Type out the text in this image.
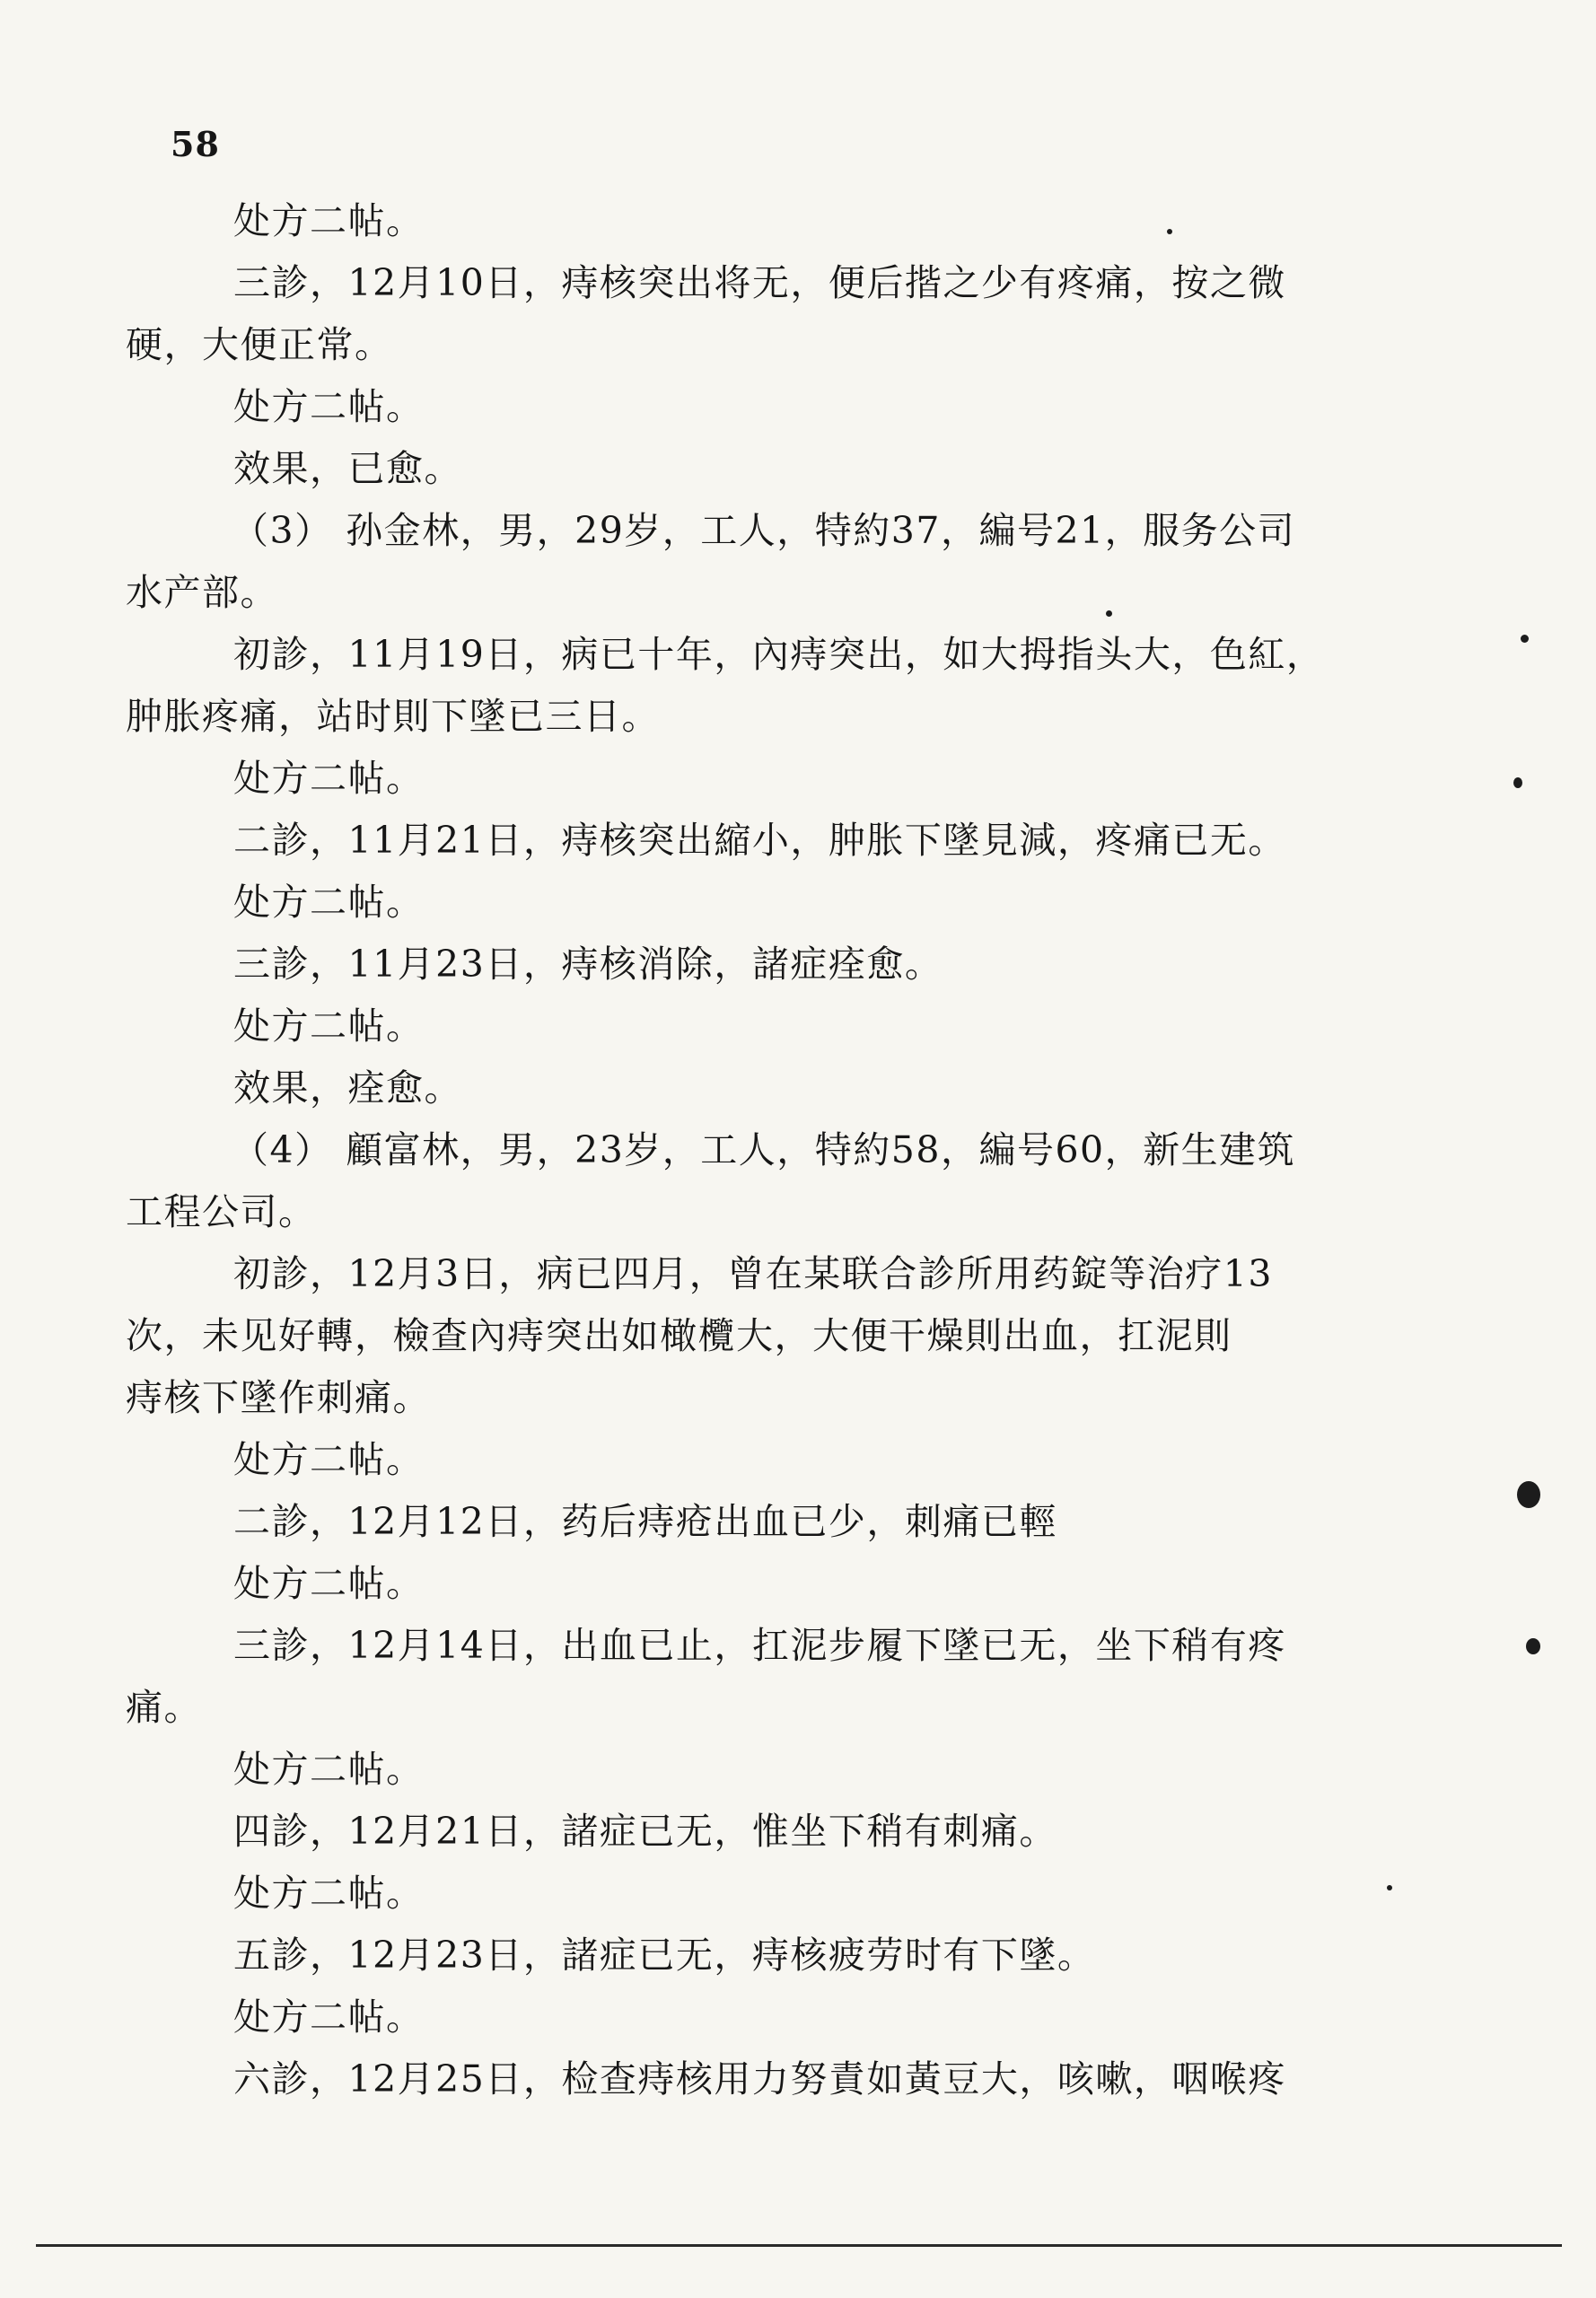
58
处方二帖。
三診，12月10日，痔核突出将无，便后揩之少有疼痛，按之微
硬，大便正常。
处方二帖。
效果，已愈。
（3） 孙金林，男，29岁，工人，特約37，編号21，服务公司
水产部。
初診，11月19日，病已十年，內痔突出，如大拇指头大，色紅，
肿胀疼痛，站时則下墜已三日。
处方二帖。
二診，11月21日，痔核突出縮小，肿胀下墜見減，疼痛已无。
处方二帖。
三診，11月23日，痔核消除，諸症痊愈。
处方二帖。
效果，痊愈。
（4） 顧富林，男，23岁，工人，特約58，編号60，新生建筑
工程公司。
初診，12月3日，病已四月，曾在某联合診所用药錠等治疗13
次，未见好轉，檢查內痔突出如橄欖大，大便干燥則出血，扛泥則
痔核下墜作刺痛。
处方二帖。
二診，12月12日，药后痔疮出血已少，刺痛已輕
处方二帖。
三診，12月14日，出血已止，扛泥步履下墜已无，坐下稍有疼
痛。
处方二帖。
四診，12月21日，諸症已无，惟坐下稍有刺痛。
处方二帖。
五診，12月23日，諸症已无，痔核疲劳时有下墜。
处方二帖。
六診，12月25日，检查痔核用力努責如黃豆大，咳嗽，咽喉疼
